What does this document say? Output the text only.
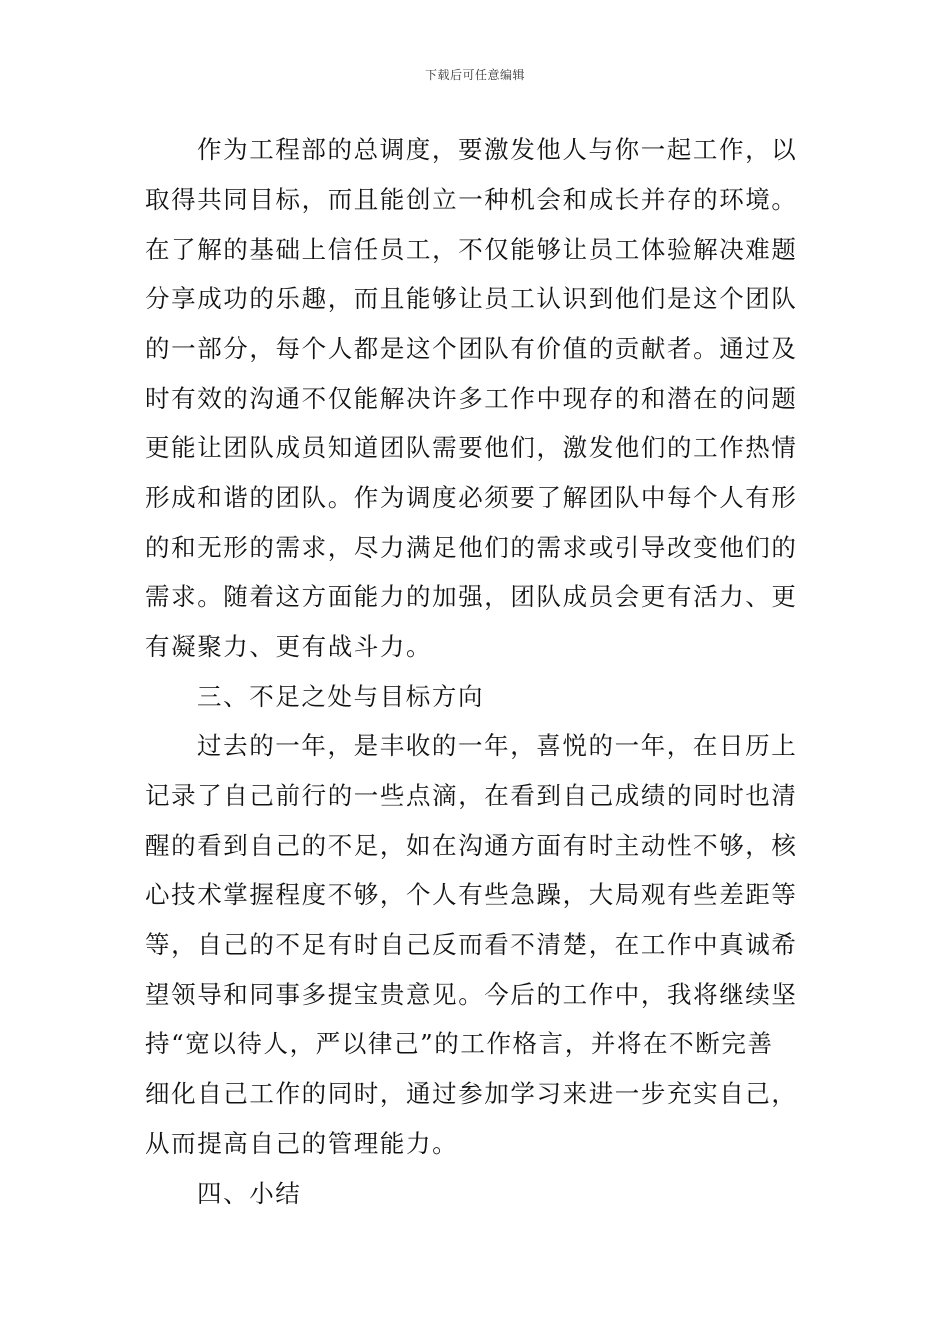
下载后可任意编辑
作为工程部的总调度，要激发他人与你一起工作，以
取得共同目标，而且能创立一种机会和成长并存的环境。
在了解的基础上信任员工，不仅能够让员工体验解决难题
分享成功的乐趣，而且能够让员工认识到他们是这个团队
的一部分，每个人都是这个团队有价值的贡献者。通过及
时有效的沟通不仅能解决许多工作中现存的和潜在的问题
更能让团队成员知道团队需要他们，激发他们的工作热情
形成和谐的团队。作为调度必须要了解团队中每个人有形
的和无形的需求，尽力满足他们的需求或引导改变他们的
需求。随着这方面能力的加强，团队成员会更有活力、更
有凝聚力、更有战斗力。
三、不足之处与目标方向
过去的一年，是丰收的一年，喜悦的一年，在日历上
记录了自己前行的一些点滴，在看到自己成绩的同时也清
醒的看到自己的不足，如在沟通方面有时主动性不够，核
心技术掌握程度不够，个人有些急躁，大局观有些差距等
等，自己的不足有时自己反而看不清楚，在工作中真诚希
望领导和同事多提宝贵意见。今后的工作中，我将继续坚
持“宽以待人，严以律己”的工作格言，并将在不断完善
细化自己工作的同时，通过参加学习来进一步充实自己，
从而提高自己的管理能力。
四、小结
